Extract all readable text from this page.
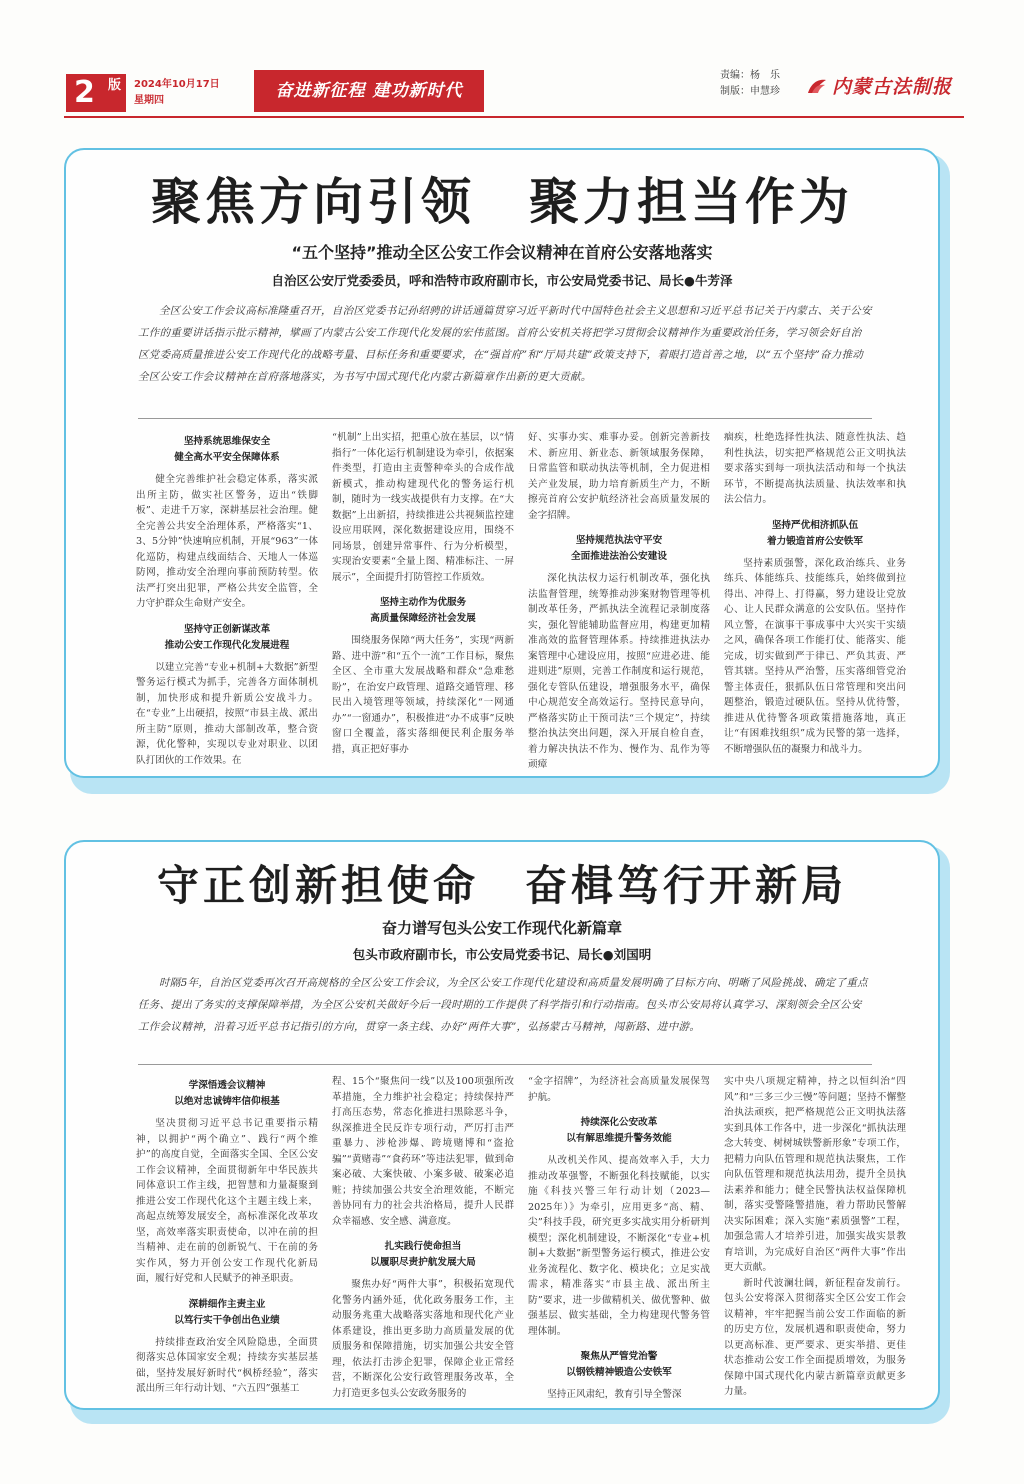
2 版 2024年10月17日
星期四	奋进新征程 建功新时代
责编：杨　乐
制版：申慧珍	内蒙古法制报
聚焦方向引领　聚力担当作为
“五个坚持”推动全区公安工作会议精神在首府公安落地落实
自治区公安厅党委委员，呼和浩特市政府副市长，市公安局党委书记、局长●牛芳泽
全区公安工作会议高标准隆重召开，自治区党委书记孙绍骋的讲话通篇贯穿习近平新时代中国特色社会主义思想和习近平总书记关于内蒙古、关于公安工作的重要讲话指示批示精神，擘画了内蒙古公安工作现代化发展的宏伟蓝图。首府公安机关将把学习贯彻会议精神作为重要政治任务，学习领会好自治区党委高质量推进公安工作现代化的战略考量、目标任务和重要要求，在“强首府”和“厅局共建”政策支持下，着眼打造首善之地，以“五个坚持”奋力推动全区公安工作会议精神在首府落地落实，为书写中国式现代化内蒙古新篇章作出新的更大贡献。
坚持系统思维保安全
健全高水平安全保障体系

健全完善维护社会稳定体系，落实派出所主防，做实社区警务，迈出“铁脚板”、走进千万家，深耕基层社会治理。健全完善公共安全治理体系，严格落实“1、3、5分钟”快速响应机制，开展“963”一体化巡防，构建点线面结合、天地人一体巡防网，推动安全治理向事前预防转型。依法严打突出犯罪，严格公共安全监管，全力守护群众生命财产安全。

坚持守正创新谋改革
推动公安工作现代化发展进程

以建立完善“专业+机制+大数据”新型警务运行模式为抓手，完善各方面体制机制，加快形成和提升新质公安战斗力。在“专业”上出硬招，按照“市县主战、派出所主防”原则，推动大部制改革，整合资源，优化警种，实现以专业对职业、以团队打团伙的工作效果。在

“机制”上出实招，把重心放在基层，以“情指行”一体化运行机制建设为牵引，依据案件类型，打造由主责警种牵头的合成作战新模式，推动构建现代化的警务运行机制，随时为一线实战提供有力支撑。在“大数据”上出新招，持续推进公共视频监控建设应用联网，深化数据建设应用，围绕不同场景，创建异常事件、行为分析模型，实现治安要素“全量上图、精准标注、一屏展示”，全面提升打防管控工作质效。

坚持主动作为优服务
高质量保障经济社会发展

围绕服务保障“两大任务”，实现“两新路、进中游”和“五个一流”工作目标，聚焦全区、全市重大发展战略和群众“急难愁盼”，在治安户政管理、道路交通管理、移民出入境管理等领域，持续深化“一网通办”“一窗通办”，积极推进“办不成事”反映窗口全覆盖，落实落细便民利企服务举措，真正把好事办

好、实事办实、难事办妥。创新完善新技术、新应用、新业态、新领域服务保障，日常监管和联动执法等机制，全力促进相关产业发展，助力培育新质生产力，不断擦亮首府公安护航经济社会高质量发展的金字招牌。

坚持规范执法守平安
全面推进法治公安建设

深化执法权力运行机制改革，强化执法监督管理，统筹推动涉案财物管理等机制改革任务，严抓执法全流程记录制度落实，强化智能辅助监督应用，构建更加精准高效的监督管理体系。持续推进执法办案管理中心建设应用，按照“应进必进、能进则进”原则，完善工作制度和运行规范，强化专管队伍建设，增强服务水平，确保中心规范安全高效运行。坚持民意导向，严格落实防止干预司法“三个规定”，持续整治执法突出问题，深入开展自检自查，着力解决执法不作为、慢作为、乱作为等顽瘴

痼疾，杜绝选择性执法、随意性执法、趋利性执法，切实把严格规范公正文明执法要求落实到每一项执法活动和每一个执法环节，不断提高执法质量、执法效率和执法公信力。

坚持严优相济抓队伍
着力锻造首府公安铁军

坚持素质强警，深化政治练兵、业务练兵、体能练兵、技能练兵，始终做到拉得出、冲得上、打得赢，努力建设让党放心、让人民群众满意的公安队伍。坚持作风立警，在演事干事成事中大兴实干实绩之风，确保各项工作能打仗、能落实、能完成，切实做到严于律已、严负其责、严管其辖。坚持从严治警，压实落细管党治警主体责任，狠抓队伍日常管理和突出问题整治，锻造过硬队伍。坚持从优待警，推进从优待警各项政策措施落地，真正让“有困难找组织”成为民警的第一选择，不断增强队伍的凝聚力和战斗力。

守正创新担使命　奋楫笃行开新局
奋力谱写包头公安工作现代化新篇章
包头市政府副市长，市公安局党委书记、局长●刘国明
时隔5年，自治区党委再次召开高规格的全区公安工作会议，为全区公安工作现代化建设和高质量发展明确了目标方向、明晰了风险挑战、确定了重点任务、提出了务实的支撑保障举措，为全区公安机关做好今后一段时期的工作提供了科学指引和行动指南。包头市公安局将认真学习、深刻领会全区公安工作会议精神，沿着习近平总书记指引的方向，贯穿一条主线、办好“两件大事”，弘扬蒙古马精神，闯新路、进中游。
学深悟透会议精神
以绝对忠诚铸牢信仰根基

坚决贯彻习近平总书记重要指示精神，以拥护“两个确立”、践行“两个维护”的高度自觉，全面落实全国、全区公安工作会议精神，全面贯彻新年中华民族共同体意识工作主线，把智慧和力量凝聚到推进公安工作现代化这个主题主线上来，高起点统筹发展安全，高标准深化改革攻坚，高效率落实职责使命，以冲在前的担当精神、走在前的创新锐气、干在前的务实作风，努力开创公安工作现代化新局面，履行好党和人民赋予的神圣职责。

深耕细作主责主业
以笃行实干争创出色业绩

持续排查政治安全风险隐患，全面贯彻落实总体国家安全观；持续夯实基层基础，坚持发展好新时代“枫桥经验”，落实派出所三年行动计划、“六五四”强基工

程、15个“聚焦问一线”以及100项强所改革措施，全力维护社会稳定；持续保持严打高压态势，常态化推进扫黑除恶斗争，纵深推进全民反诈专项行动，严厉打击严重暴力、涉枪涉爆、跨境赌博和“盗抢骗”“黄赌毒”“食药环”等违法犯罪，做到命案必破、大案快破、小案多破、破案必追赃；持续加强公共安全治理效能，不断完善协同有力的社会共治格局，提升人民群众幸福感、安全感、满意度。

扎实践行使命担当
以履职尽责护航发展大局

聚焦办好“两件大事”，积极拓宽现代化警务内涵外延，优化政务服务工作，主动服务兆重大战略落实落地和现代化产业体系建设，推出更多助力高质量发展的优质服务和保障措施，切实加强公共安全管理，依法打击涉企犯罪，保障企业正常经营，不断深化公安行政管理服务改革，全力打造更多包头公安政务服务的

“金字招牌”，为经济社会高质量发展保驾护航。

持续深化公安改革
以有解思维提升警务效能

从改机关作风、提高效率入手，大力推动改革强警，不断强化科技赋能，以实施《科技兴警三年行动计划（2023—2025年）》为牵引，应用更多“高、精、尖”科技手段，研究更多实战实用分析研判模型；深化机制建设，不断深化“专业+机制+大数据”新型警务运行模式，推进公安业务流程化、数字化、模块化；立足实战需求，精准落实“市县主战、派出所主防”要求，进一步做精机关、做优警种、做强基层、做实基础，全力构建现代警务管理体制。

聚焦从严管党治警
以钢铁精神锻造公安铁军

坚持正风肃纪，教育引导全警深

实中央八项规定精神，持之以恒纠治“四风”和“三多三少三慢”等问题；坚持不懈整治执法顽疾，把严格规范公正文明执法落实到具体工作各中，进一步深化“抓执法理念大转变、树树城铁警新形象”专项工作，把精力向队伍管理和规范执法聚焦，工作向队伍管理和规范执法用劲，提升全员执法素养和能力；健全民警执法权益保障机制，落实受警隆警措施，着力帮助民警解决实际困难；深入实施“素质强警”工程，加强急需人才培养引进，加强实战实景教育培训，为完成好自治区“两件大事”作出更大贡献。

新时代波澜壮阔，新征程奋发前行。包头公安将深入贯彻落实全区公安工作会议精神，牢牢把握当前公安工作面临的新的历史方位，发展机遇和职责使命，努力以更高标准、更严要求、更实举措、更佳状态推动公安工作全面提质增效，为服务保障中国式现代化内蒙古新篇章贡献更多力量。
